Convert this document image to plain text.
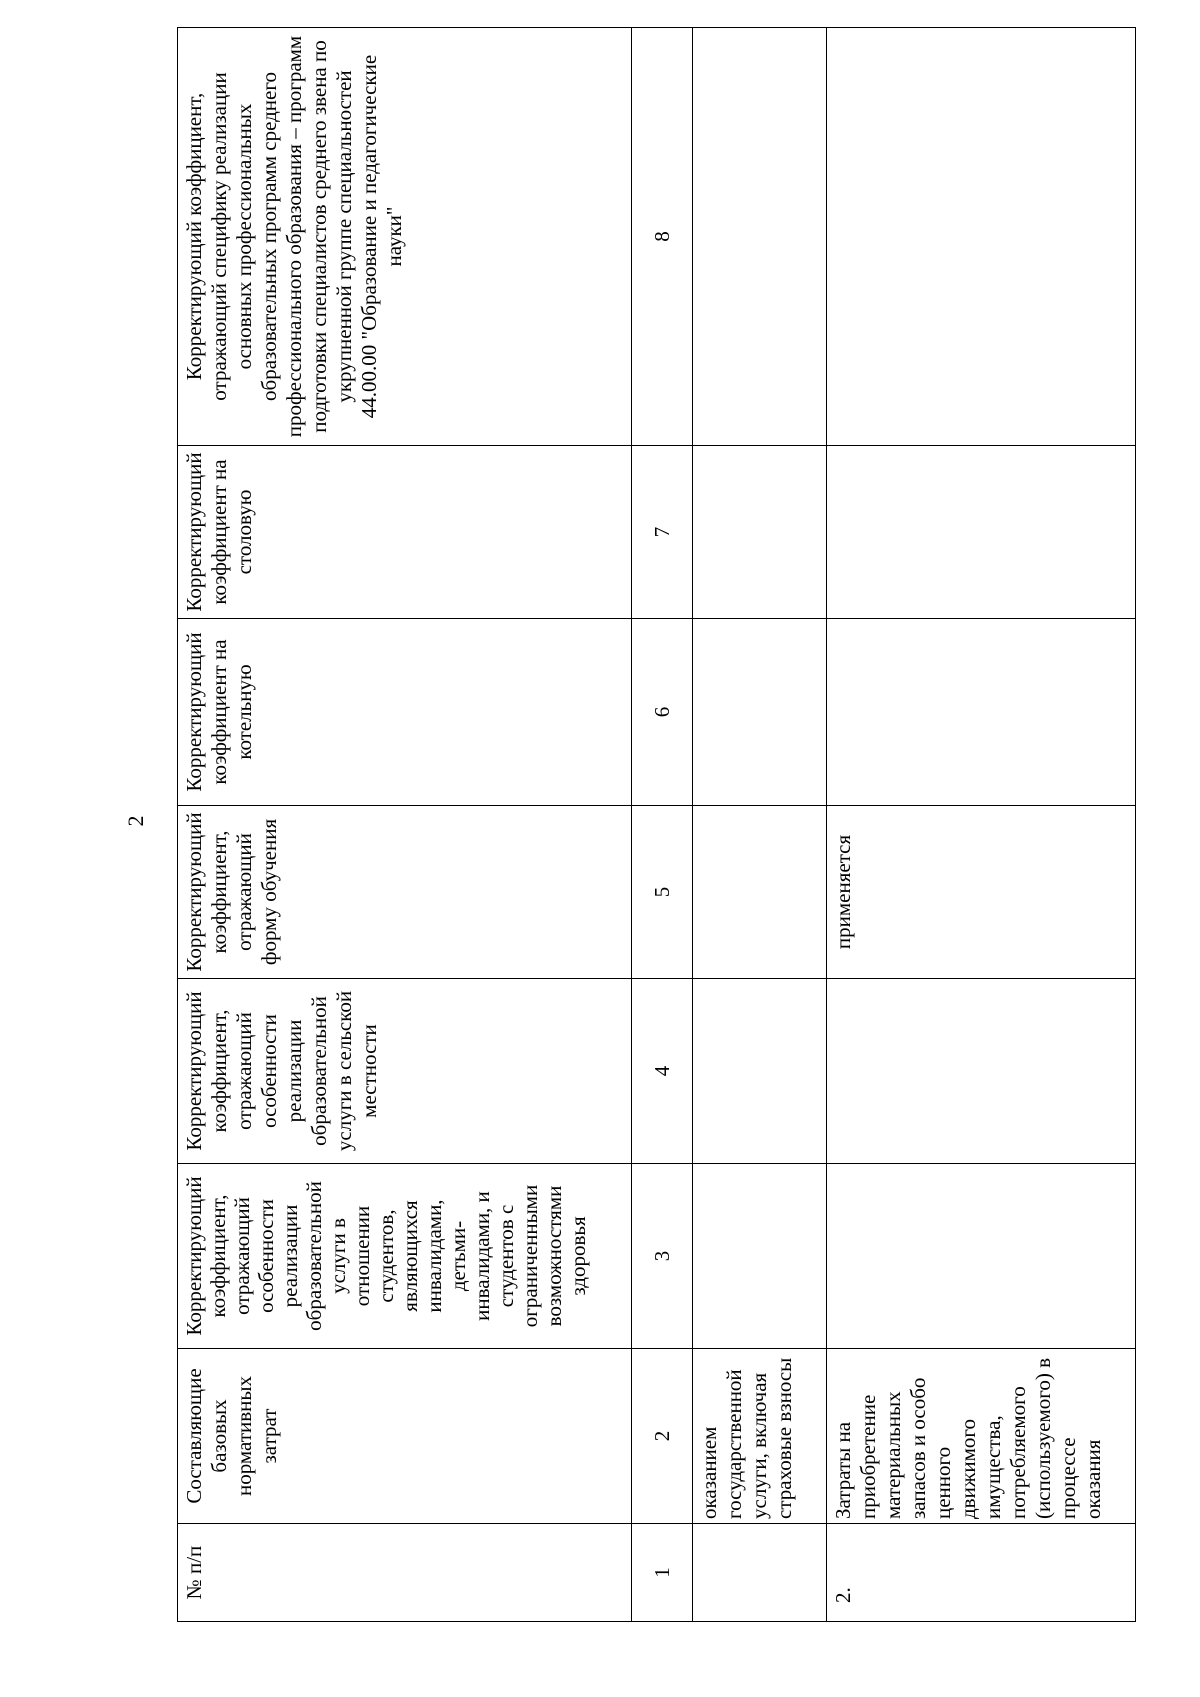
2
№ п/п	Составляющие базовых нормативных затрат	Корректирующий коэффициент, отражающий особенности реализации образовательной услуги в отношении студентов, являющихся инвалидами, детьми-инвалидами, и студентов с ограниченными возможностями здоровья	Корректирующий коэффициент, отражающий особенности реализации образовательной услуги в сельской местности	Корректирующий коэффициент, отражающий форму обучения	Корректирующий коэффициент на котельную	Корректирующий коэффициент на столовую	Корректирующий коэффициент, отражающий специфику реализации основных профессиональных образовательных программ среднего профессионального образования – программ подготовки специалистов среднего звена по укрупненной группе специальностей 44.00.00 "Образование и педагогические науки"
1	2	3	4	5	6	7	8
	оказанием государственной услуги, включая страховые взносы						
2.	Затраты на приобретение материальных запасов и особо ценного движимого имущества, потребляемого (используемого) в процессе оказания			применяется			
